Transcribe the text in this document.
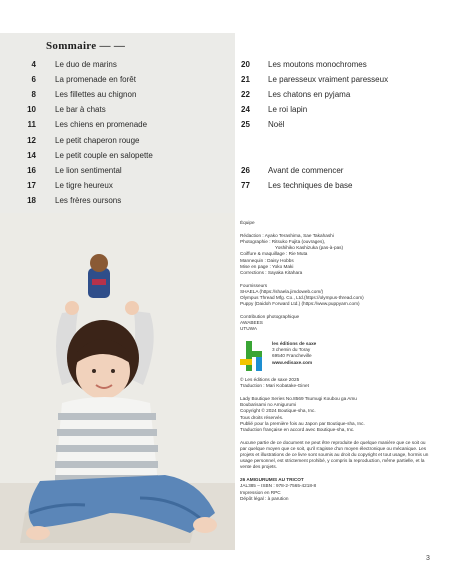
Sommaire — —
4	Le duo de marins
6	La promenade en forêt
8	Les fillettes au chignon
10	Le bar à chats
11	Les chiens en promenade
12	Le petit chaperon rouge
14	Le petit couple en salopette
16	Le lion sentimental
17	Le tigre heureux
18	Les frères oursons
20	Les moutons monochromes
21	Le paresseux vraiment paresseux
22	Les chatons en pyjama
24	Le roi lapin
25	Noël
26	Avant de commencer
77	Les techniques de base

Équipe

Rédaction : Ayako Terashima, Sae Takahashi

Photographie : Ritsuko Fujita (ouvrages),

Yoshihiko Kashizuka (pas-à-pas)

Coiffure & maquillage : Rie Muta

Mannequin : Daisy Hobbs

Mise en page : Yoko Maki

Corrections : Sayaka Kitahara

Fournisseurs

SHAELA (https://shaela.jimdoweb.com/)

Olympus Thread Mfg. Co., Ltd.(https://olympus-thread.com)

Puppy (Daidoh Forward Ltd.) (https://www.puppyarn.com)

Contribution photographique

AWABEES

UTUWA

les éditions de saxe

3 chemin du Toray

69540 Francheville

www.edisaxe.com

© Les éditions de saxe 2025

Traduction : Mari Kobatake-Ginet

Lady Boutique Series No.8569 Tsumugi Koubou ga Amu

Boubarisami no Amigurumi

Copyright © 2024 Boutique-sha, Inc.

Tous droits réservés.

Publié pour la première fois au Japon par Boutique-sha, Inc.

Traduction française en accord avec Boutique-sha, Inc.

Aucune partie de ce document ne peut être reproduite de quelque manière que ce soit ou par quelque moyen que ce soit, qu'il s'agisse d'un moyen électronique ou mécanique. Les projets et illustrations de ce livre sont soumis au droit du copyright et tout usage, hormis un usage personnel, est strictement prohibé, y compris la reproduction, même partielle, et la vente des projets.

26 AMIGURUMIS AU TRICOT

JAL385 – ISBN : 978-2-7565-4218-8

Impression en RPC

Dépôt légal : à parution

3
